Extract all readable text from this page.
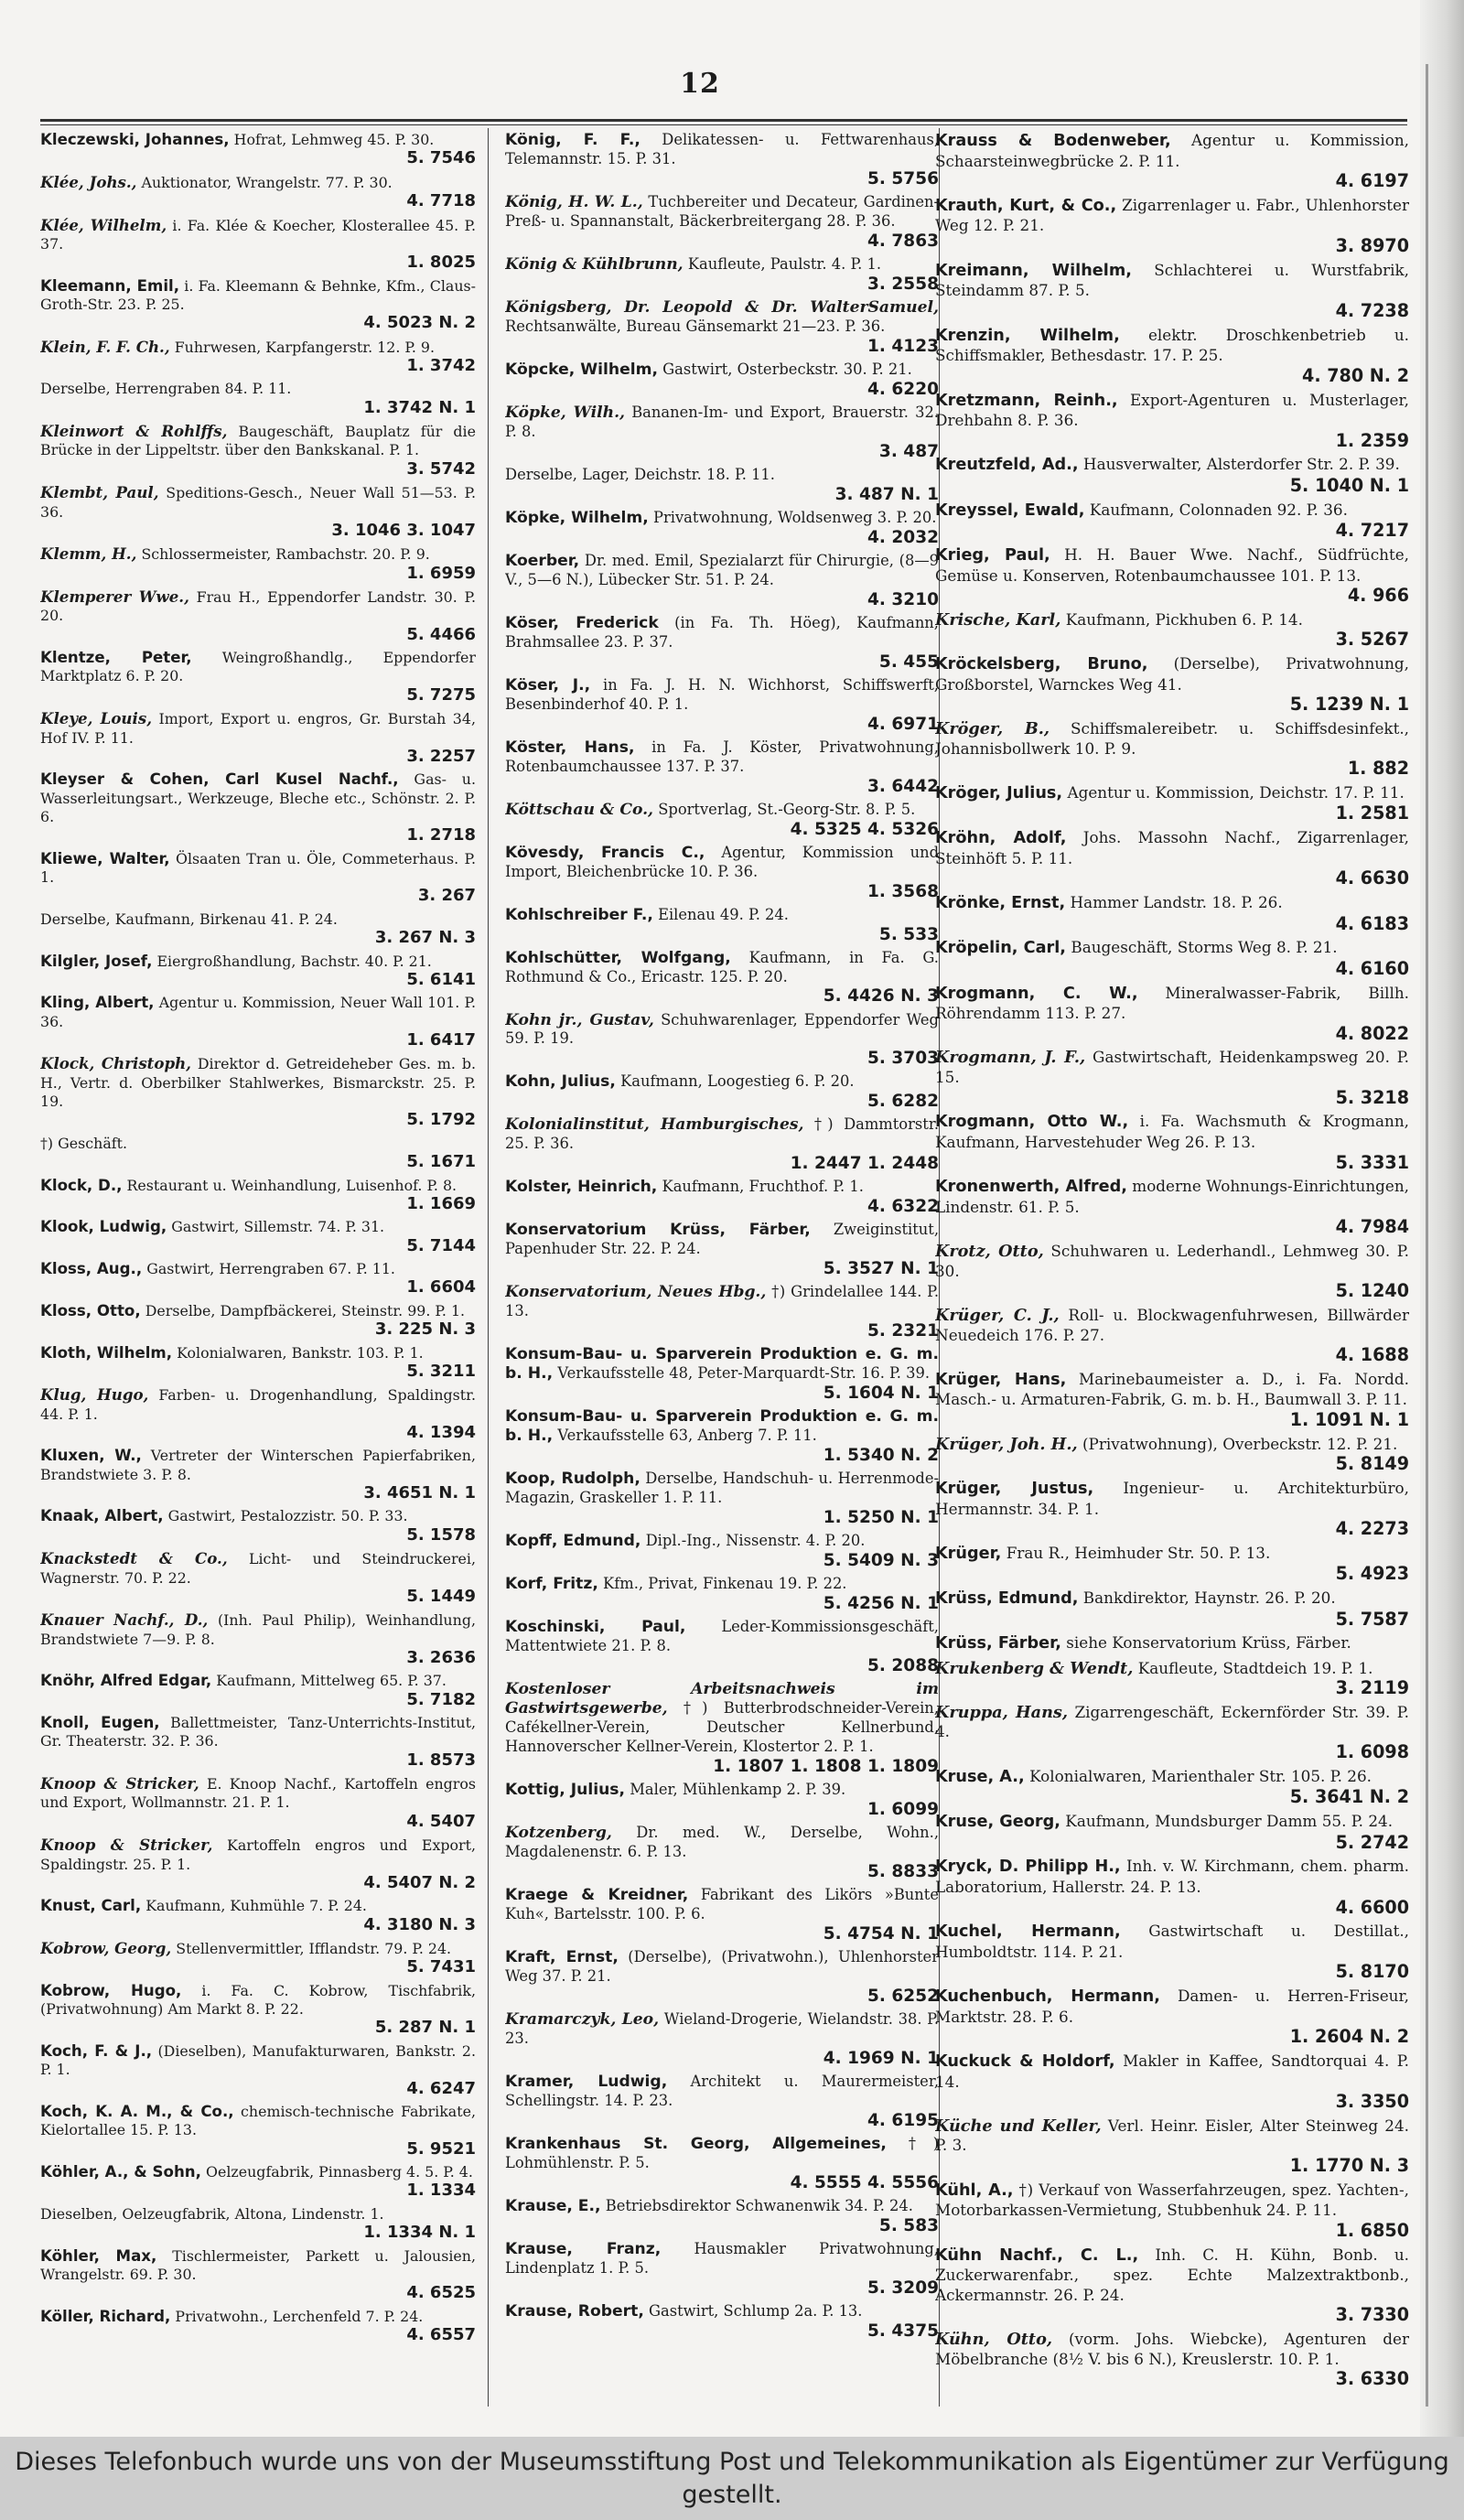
12
Kleczewski, Johannes, Hofrat, Lehmweg 45. P. 30.
5. 7546
Klée, Johs., Auktionator, Wrangelstr. 77. P. 30.
4. 7718
Klée, Wilhelm, i. Fa. Klée & Koecher, Klosterallee 45. P. 37.
1. 8025
Kleemann, Emil, i. Fa. Kleemann & Behnke, Kfm., Claus-Groth-Str. 23. P. 25.
4. 5023 N. 2
Klein, F. F. Ch., Fuhrwesen, Karpfangerstr. 12. P. 9.
1. 3742
Derselbe, Herrengraben 84. P. 11.
1. 3742 N. 1
Kleinwort & Rohlffs, Baugeschäft, Bauplatz für die Brücke in der Lippeltstr. über den Bankskanal. P. 1.
3. 5742
Klembt, Paul, Speditions-Gesch., Neuer Wall 51—53. P. 36.
3. 1046 3. 1047
Klemm, H., Schlossermeister, Rambachstr. 20. P. 9.
1. 6959
Klemperer Wwe., Frau H., Eppendorfer Landstr. 30. P. 20.
5. 4466
Klentze, Peter, Weingroßhandlg., Eppendorfer Marktplatz 6. P. 20.
5. 7275
Kleye, Louis, Import, Export u. engros, Gr. Burstah 34, Hof IV. P. 11.
3. 2257
Kleyser & Cohen, Carl Kusel Nachf., Gas- u. Wasserleitungsart., Werkzeuge, Bleche etc., Schönstr. 2. P. 6.
1. 2718
Kliewe, Walter, Ölsaaten Tran u. Öle, Commeterhaus. P. 1.
3. 267
Derselbe, Kaufmann, Birkenau 41. P. 24.
3. 267 N. 3
Kilgler, Josef, Eiergroßhandlung, Bachstr. 40. P. 21.
5. 6141
Kling, Albert, Agentur u. Kommission, Neuer Wall 101. P. 36.
1. 6417
Klock, Christoph, Direktor d. Getreideheber Ges. m. b. H., Vertr. d. Oberbilker Stahlwerkes, Bismarckstr. 25. P. 19.
5. 1792
†) Geschäft.
5. 1671
Klock, D., Restaurant u. Weinhandlung, Luisenhof. P. 8.
1. 1669
Klook, Ludwig, Gastwirt, Sillemstr. 74. P. 31.
5. 7144
Kloss, Aug., Gastwirt, Herrengraben 67. P. 11.
1. 6604
Kloss, Otto, Derselbe, Dampfbäckerei, Steinstr. 99. P. 1.
3. 225 N. 3
Kloth, Wilhelm, Kolonialwaren, Bankstr. 103. P. 1.
5. 3211
Klug, Hugo, Farben- u. Drogenhandlung, Spaldingstr. 44. P. 1.
4. 1394
Kluxen, W., Vertreter der Winterschen Papierfabriken, Brandstwiete 3. P. 8.
3. 4651 N. 1
Knaak, Albert, Gastwirt, Pestalozzistr. 50. P. 33.
5. 1578
Knackstedt & Co., Licht- und Steindruckerei, Wagnerstr. 70. P. 22.
5. 1449
Knauer Nachf., D., (Inh. Paul Philip), Weinhandlung, Brandstwiete 7—9. P. 8.
3. 2636
Knöhr, Alfred Edgar, Kaufmann, Mittelweg 65. P. 37.
5. 7182
Knoll, Eugen, Ballettmeister, Tanz-Unterrichts-Institut, Gr. Theaterstr. 32. P. 36.
1. 8573
Knoop & Stricker, E. Knoop Nachf., Kartoffeln engros und Export, Wollmannstr. 21. P. 1.
4. 5407
Knoop & Stricker, Kartoffeln engros und Export, Spaldingstr. 25. P. 1.
4. 5407 N. 2
Knust, Carl, Kaufmann, Kuhmühle 7. P. 24.
4. 3180 N. 3
Kobrow, Georg, Stellenvermittler, Ifflandstr. 79. P. 24.
5. 7431
Kobrow, Hugo, i. Fa. C. Kobrow, Tischfabrik, (Privatwohnung) Am Markt 8. P. 22.
5. 287 N. 1
Koch, F. & J., (Dieselben), Manufakturwaren, Bankstr. 2. P. 1.
4. 6247
Koch, K. A. M., & Co., chemisch-technische Fabrikate, Kielortallee 15. P. 13.
5. 9521
Köhler, A., & Sohn, Oelzeugfabrik, Pinnasberg 4. 5. P. 4.
1. 1334
Dieselben, Oelzeugfabrik, Altona, Lindenstr. 1.
1. 1334 N. 1
Köhler, Max, Tischlermeister, Parkett u. Jalousien, Wrangelstr. 69. P. 30.
4. 6525
Köller, Richard, Privatwohn., Lerchenfeld 7. P. 24.
4. 6557
König, F. F., Delikatessen- u. Fettwarenhaus, Telemannstr. 15. P. 31.
5. 5756
König, H. W. L., Tuchbereiter und Decateur, Gardinen-Preß- u. Spannanstalt, Bäckerbreitergang 28. P. 36.
4. 7863
König & Kühlbrunn, Kaufleute, Paulstr. 4. P. 1.
3. 2558
Königsberg, Dr. Leopold & Dr. WalterSamuel, Rechtsanwälte, Bureau Gänsemarkt 21—23. P. 36.
1. 4123
Köpcke, Wilhelm, Gastwirt, Osterbeckstr. 30. P. 21.
4. 6220
Köpke, Wilh., Bananen-Im- und Export, Brauerstr. 32. P. 8.
3. 487
Derselbe, Lager, Deichstr. 18. P. 11.
3. 487 N. 1
Köpke, Wilhelm, Privatwohnung, Woldsenweg 3. P. 20.
4. 2032
Koerber, Dr. med. Emil, Spezialarzt für Chirurgie, (8—9 V., 5—6 N.), Lübecker Str. 51. P. 24.
4. 3210
Köser, Frederick (in Fa. Th. Höeg), Kaufmann, Brahmsallee 23. P. 37.
5. 455
Köser, J., in Fa. J. H. N. Wichhorst, Schiffswerft, Besenbinderhof 40. P. 1.
4. 6971
Köster, Hans, in Fa. J. Köster, Privatwohnung, Rotenbaumchaussee 137. P. 37.
3. 6442
Köttschau & Co., Sportverlag, St.-Georg-Str. 8. P. 5.
4. 5325 4. 5326
Kövesdy, Francis C., Agentur, Kommission und Import, Bleichenbrücke 10. P. 36.
1. 3568
Kohlschreiber F., Eilenau 49. P. 24.
5. 533
Kohlschütter, Wolfgang, Kaufmann, in Fa. G. Rothmund & Co., Ericastr. 125. P. 20.
5. 4426 N. 3
Kohn jr., Gustav, Schuhwarenlager, Eppendorfer Weg 59. P. 19.
5. 3703
Kohn, Julius, Kaufmann, Loogestieg 6. P. 20.
5. 6282
Kolonialinstitut, Hamburgisches, †) Dammtorstr. 25. P. 36.
1. 2447 1. 2448
Kolster, Heinrich, Kaufmann, Fruchthof. P. 1.
4. 6322
Konservatorium Krüss, Färber, Zweiginstitut, Papenhuder Str. 22. P. 24.
5. 3527 N. 1
Konservatorium, Neues Hbg., †) Grindelallee 144. P. 13.
5. 2321
Konsum-Bau- u. Sparverein Produktion e. G. m. b. H., Verkaufsstelle 48, Peter-Marquardt-Str. 16. P. 39.
5. 1604 N. 1
Konsum-Bau- u. Sparverein Produktion e. G. m. b. H., Verkaufsstelle 63, Anberg 7. P. 11.
1. 5340 N. 2
Koop, Rudolph, Derselbe, Handschuh- u. Herrenmode-Magazin, Graskeller 1. P. 11.
1. 5250 N. 1
Kopff, Edmund, Dipl.-Ing., Nissenstr. 4. P. 20.
5. 5409 N. 3
Korf, Fritz, Kfm., Privat, Finkenau 19. P. 22.
5. 4256 N. 1
Koschinski, Paul, Leder-Kommissionsgeschäft, Mattentwiete 21. P. 8.
5. 2088
Kostenloser Arbeitsnachweis im Gastwirtsgewerbe, †) Butterbrodschneider-Verein, Cafékellner-Verein, Deutscher Kellnerbund, Hannoverscher Kellner-Verein, Klostertor 2. P. 1.
1. 1807 1. 1808 1. 1809
Kottig, Julius, Maler, Mühlenkamp 2. P. 39.
1. 6099
Kotzenberg, Dr. med. W., Derselbe, Wohn., Magdalenenstr. 6. P. 13.
5. 8833
Kraege & Kreidner, Fabrikant des Likörs »Bunte Kuh«, Bartelsstr. 100. P. 6.
5. 4754 N. 1
Kraft, Ernst, (Derselbe), (Privatwohn.), Uhlenhorster Weg 37. P. 21.
5. 6252
Kramarczyk, Leo, Wieland-Drogerie, Wielandstr. 38. P. 23.
4. 1969 N. 1
Kramer, Ludwig, Architekt u. Maurermeister, Schellingstr. 14. P. 23.
4. 6195
Krankenhaus St. Georg, Allgemeines, †) Lohmühlenstr. P. 5.
4. 5555 4. 5556
Krause, E., Betriebsdirektor Schwanenwik 34. P. 24.
5. 583
Krause, Franz, Hausmakler Privatwohnung, Lindenplatz 1. P. 5.
5. 3209
Krause, Robert, Gastwirt, Schlump 2a. P. 13.
5. 4375
Krauss & Bodenweber, Agentur u. Kommission, Schaarsteinwegbrücke 2. P. 11.
4. 6197
Krauth, Kurt, & Co., Zigarrenlager u. Fabr., Uhlenhorster Weg 12. P. 21.
3. 8970
Kreimann, Wilhelm, Schlachterei u. Wurstfabrik, Steindamm 87. P. 5.
4. 7238
Krenzin, Wilhelm, elektr. Droschkenbetrieb u. Schiffsmakler, Bethesdastr. 17. P. 25.
4. 780 N. 2
Kretzmann, Reinh., Export-Agenturen u. Musterlager, Drehbahn 8. P. 36.
1. 2359
Kreutzfeld, Ad., Hausverwalter, Alsterdorfer Str. 2. P. 39.
5. 1040 N. 1
Kreyssel, Ewald, Kaufmann, Colonnaden 92. P. 36.
4. 7217
Krieg, Paul, H. H. Bauer Wwe. Nachf., Südfrüchte, Gemüse u. Konserven, Rotenbaumchaussee 101. P. 13.
4. 966
Krische, Karl, Kaufmann, Pickhuben 6. P. 14.
3. 5267
Kröckelsberg, Bruno, (Derselbe), Privatwohnung, Großborstel, Warnckes Weg 41.
5. 1239 N. 1
Kröger, B., Schiffsmalereibetr. u. Schiffsdesinfekt., Johannisbollwerk 10. P. 9.
1. 882
Kröger, Julius, Agentur u. Kommission, Deichstr. 17. P. 11.
1. 2581
Kröhn, Adolf, Johs. Massohn Nachf., Zigarrenlager, Steinhöft 5. P. 11.
4. 6630
Krönke, Ernst, Hammer Landstr. 18. P. 26.
4. 6183
Kröpelin, Carl, Baugeschäft, Storms Weg 8. P. 21.
4. 6160
Krogmann, C. W., Mineralwasser-Fabrik, Billh. Röhrendamm 113. P. 27.
4. 8022
Krogmann, J. F., Gastwirtschaft, Heidenkampsweg 20. P. 15.
5. 3218
Krogmann, Otto W., i. Fa. Wachsmuth & Krogmann, Kaufmann, Harvestehuder Weg 26. P. 13.
5. 3331
Kronenwerth, Alfred, moderne Wohnungs-Einrichtungen, Lindenstr. 61. P. 5.
4. 7984
Krotz, Otto, Schuhwaren u. Lederhandl., Lehmweg 30. P. 30.
5. 1240
Krüger, C. J., Roll- u. Blockwagenfuhrwesen, Billwärder Neuedeich 176. P. 27.
4. 1688
Krüger, Hans, Marinebaumeister a. D., i. Fa. Nordd. Masch.- u. Armaturen-Fabrik, G. m. b. H., Baumwall 3. P. 11.
1. 1091 N. 1
Krüger, Joh. H., (Privatwohnung), Overbeckstr. 12. P. 21.
5. 8149
Krüger, Justus, Ingenieur- u. Architekturbüro, Hermannstr. 34. P. 1.
4. 2273
Krüger, Frau R., Heimhuder Str. 50. P. 13.
5. 4923
Krüss, Edmund, Bankdirektor, Haynstr. 26. P. 20.
5. 7587
Krüss, Färber, siehe Konservatorium Krüss, Färber.
Krukenberg & Wendt, Kaufleute, Stadtdeich 19. P. 1.
3. 2119
Kruppa, Hans, Zigarrengeschäft, Eckernförder Str. 39. P. 4.
1. 6098
Kruse, A., Kolonialwaren, Marienthaler Str. 105. P. 26.
5. 3641 N. 2
Kruse, Georg, Kaufmann, Mundsburger Damm 55. P. 24.
5. 2742
Kryck, D. Philipp H., Inh. v. W. Kirchmann, chem. pharm. Laboratorium, Hallerstr. 24. P. 13.
4. 6600
Kuchel, Hermann, Gastwirtschaft u. Destillat., Humboldtstr. 114. P. 21.
5. 8170
Kuchenbuch, Hermann, Damen- u. Herren-Friseur, Marktstr. 28. P. 6.
1. 2604 N. 2
Kuckuck & Holdorf, Makler in Kaffee, Sandtorquai 4. P. 14.
3. 3350
Küche und Keller, Verl. Heinr. Eisler, Alter Steinweg 24. P. 3.
1. 1770 N. 3
Kühl, A., †) Verkauf von Wasserfahrzeugen, spez. Yachten-, Motorbarkassen-Vermietung, Stubbenhuk 24. P. 11.
1. 6850
Kühn Nachf., C. L., Inh. C. H. Kühn, Bonb. u. Zuckerwarenfabr., spez. Echte Malzextraktbonb., Ackermannstr. 26. P. 24.
3. 7330
Kühn, Otto, (vorm. Johs. Wiebcke), Agenturen der Möbelbranche (8½ V. bis 6 N.), Kreuslerstr. 10. P. 1.
3. 6330
Dieses Telefonbuch wurde uns von der Museumsstiftung Post und Telekommunikation als Eigentümer zur Verfügung gestellt.
